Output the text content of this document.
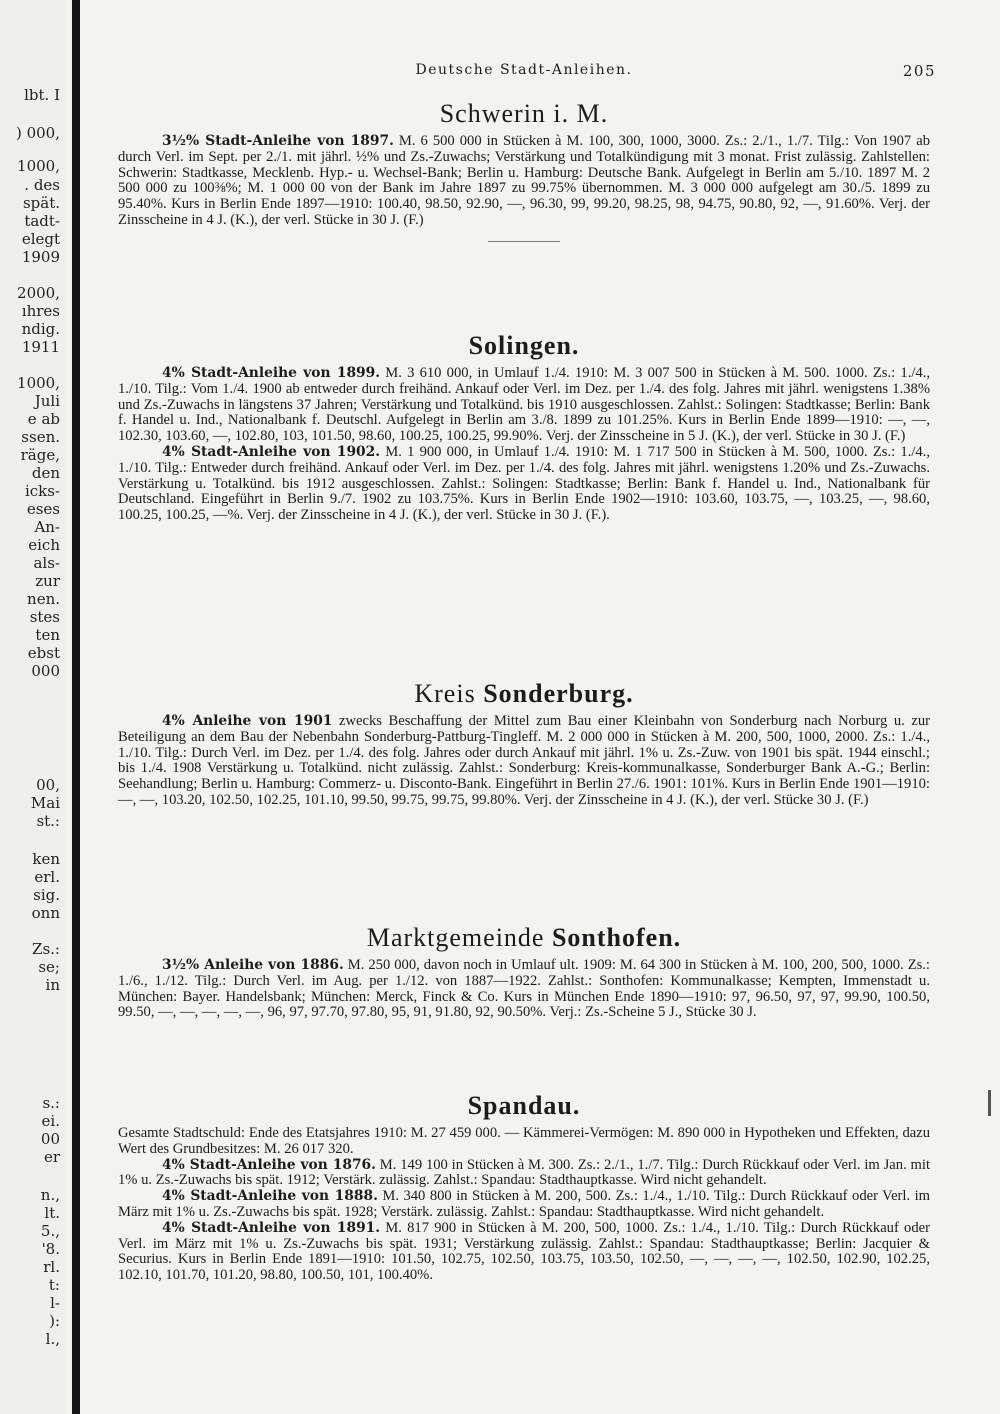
lbt. I
) 000,
1000,
. des
spät.
tadt-
elegt
1909
2000,
ıhres
ndig.
1911
1000,
Juli
e ab
ssen.
räge,
den
icks-
eses
An-
eich
als-
zur
nen.
stes
ten
ebst
000
00,
Mai
st.:
ken
erl.
sig.
onn
Zs.:
se;
in
s.:
ei.
00
er
n.,
lt.
5.,
'8.
rl.
t:
l-
):
l.,
Deutsche Stadt-Anleihen.	205
Schwerin i. M.

3½% Stadt-Anleihe von 1897. M. 6 500 000 in Stücken à M. 100, 300, 1000, 3000. Zs.: 2./1., 1./7. Tilg.: Von 1907 ab durch Verl. im Sept. per 2./1. mit jährl. ½% und Zs.-Zuwachs; Verstärkung und Totalkündigung mit 3 monat. Frist zulässig. Zahlstellen: Schwerin: Stadtkasse, Mecklenb. Hyp.- u. Wechsel-Bank; Berlin u. Hamburg: Deutsche Bank. Aufgelegt in Berlin am 5./10. 1897 M. 2 500 000 zu 100⅜%; M. 1 000 00 von der Bank im Jahre 1897 zu 99.75% übernommen. M. 3 000 000 aufgelegt am 30./5. 1899 zu 95.40%. Kurs in Berlin Ende 1897—1910: 100.40, 98.50, 92.90, —, 96.30, 99, 99.20, 98.25, 98, 94.75, 90.80, 92, —, 91.60%. Verj. der Zinsscheine in 4 J. (K.), der verl. Stücke in 30 J. (F.)

Solingen.

4% Stadt-Anleihe von 1899. M. 3 610 000, in Umlauf 1./4. 1910: M. 3 007 500 in Stücken à M. 500. 1000. Zs.: 1./4., 1./10. Tilg.: Vom 1./4. 1900 ab entweder durch freihänd. Ankauf oder Verl. im Dez. per 1./4. des folg. Jahres mit jährl. wenigstens 1.38% und Zs.-Zuwachs in längstens 37 Jahren; Verstärkung und Totalkünd. bis 1910 ausgeschlossen. Zahlst.: Solingen: Stadtkasse; Berlin: Bank f. Handel u. Ind., Nationalbank f. Deutschl. Aufgelegt in Berlin am 3./8. 1899 zu 101.25%. Kurs in Berlin Ende 1899—1910: —, —, 102.30, 103.60, —, 102.80, 103, 101.50, 98.60, 100.25, 100.25, 99.90%. Verj. der Zinsscheine in 5 J. (K.), der verl. Stücke in 30 J. (F.)

4% Stadt-Anleihe von 1902. M. 1 900 000, in Umlauf 1./4. 1910: M. 1 717 500 in Stücken à M. 500, 1000. Zs.: 1./4., 1./10. Tilg.: Entweder durch freihänd. Ankauf oder Verl. im Dez. per 1./4. des folg. Jahres mit jährl. wenigstens 1.20% und Zs.-Zuwachs. Verstärkung u. Totalkünd. bis 1912 ausgeschlossen. Zahlst.: Solingen: Stadtkasse; Berlin: Bank f. Handel u. Ind., Nationalbank für Deutschland. Eingeführt in Berlin 9./7. 1902 zu 103.75%. Kurs in Berlin Ende 1902—1910: 103.60, 103.75, —, 103.25, —, 98.60, 100.25, 100.25, —%. Verj. der Zinsscheine in 4 J. (K.), der verl. Stücke in 30 J. (F.).

Kreis Sonderburg.

4% Anleihe von 1901 zwecks Beschaffung der Mittel zum Bau einer Kleinbahn von Sonderburg nach Norburg u. zur Beteiligung an dem Bau der Nebenbahn Sonderburg-Pattburg-Tingleff. M. 2 000 000 in Stücken à M. 200, 500, 1000, 2000. Zs.: 1./4., 1./10. Tilg.: Durch Verl. im Dez. per 1./4. des folg. Jahres oder durch Ankauf mit jährl. 1% u. Zs.-Zuw. von 1901 bis spät. 1944 einschl.; bis 1./4. 1908 Verstärkung u. Totalkünd. nicht zulässig. Zahlst.: Sonderburg: Kreis-kommunalkasse, Sonderburger Bank A.-G.; Berlin: Seehandlung; Berlin u. Hamburg: Commerz- u. Disconto-Bank. Eingeführt in Berlin 27./6. 1901: 101%. Kurs in Berlin Ende 1901—1910: —, —, 103.20, 102.50, 102.25, 101.10, 99.50, 99.75, 99.75, 99.80%. Verj. der Zinsscheine in 4 J. (K.), der verl. Stücke 30 J. (F.)

Marktgemeinde Sonthofen.

3½% Anleihe von 1886. M. 250 000, davon noch in Umlauf ult. 1909: M. 64 300 in Stücken à M. 100, 200, 500, 1000. Zs.: 1./6., 1./12. Tilg.: Durch Verl. im Aug. per 1./12. von 1887—1922. Zahlst.: Sonthofen: Kommunalkasse; Kempten, Immenstadt u. München: Bayer. Handelsbank; München: Merck, Finck & Co. Kurs in München Ende 1890—1910: 97, 96.50, 97, 97, 99.90, 100.50, 99.50, —, —, —, —, —, 96, 97, 97.70, 97.80, 95, 91, 91.80, 92, 90.50%. Verj.: Zs.-Scheine 5 J., Stücke 30 J.

Spandau.

Gesamte Stadtschuld: Ende des Etatsjahres 1910: M. 27 459 000. — Kämmerei-Vermögen: M. 890 000 in Hypotheken und Effekten, dazu Wert des Grundbesitzes: M. 26 017 320.

4% Stadt-Anleihe von 1876. M. 149 100 in Stücken à M. 300. Zs.: 2./1., 1./7. Tilg.: Durch Rückkauf oder Verl. im Jan. mit 1% u. Zs.-Zuwachs bis spät. 1912; Verstärk. zulässig. Zahlst.: Spandau: Stadthauptkasse. Wird nicht gehandelt.

4% Stadt-Anleihe von 1888. M. 340 800 in Stücken à M. 200, 500. Zs.: 1./4., 1./10. Tilg.: Durch Rückkauf oder Verl. im März mit 1% u. Zs.-Zuwachs bis spät. 1928; Verstärk. zulässig. Zahlst.: Spandau: Stadthauptkasse. Wird nicht gehandelt.

4% Stadt-Anleihe von 1891. M. 817 900 in Stücken à M. 200, 500, 1000. Zs.: 1./4., 1./10. Tilg.: Durch Rückkauf oder Verl. im März mit 1% u. Zs.-Zuwachs bis spät. 1931; Verstärkung zulässig. Zahlst.: Spandau: Stadthauptkasse; Berlin: Jacquier & Securius. Kurs in Berlin Ende 1891—1910: 101.50, 102.75, 102.50, 103.75, 103.50, 102.50, —, —, —, —, 102.50, 102.90, 102.25, 102.10, 101.70, 101.20, 98.80, 100.50, 101, 100.40%.
